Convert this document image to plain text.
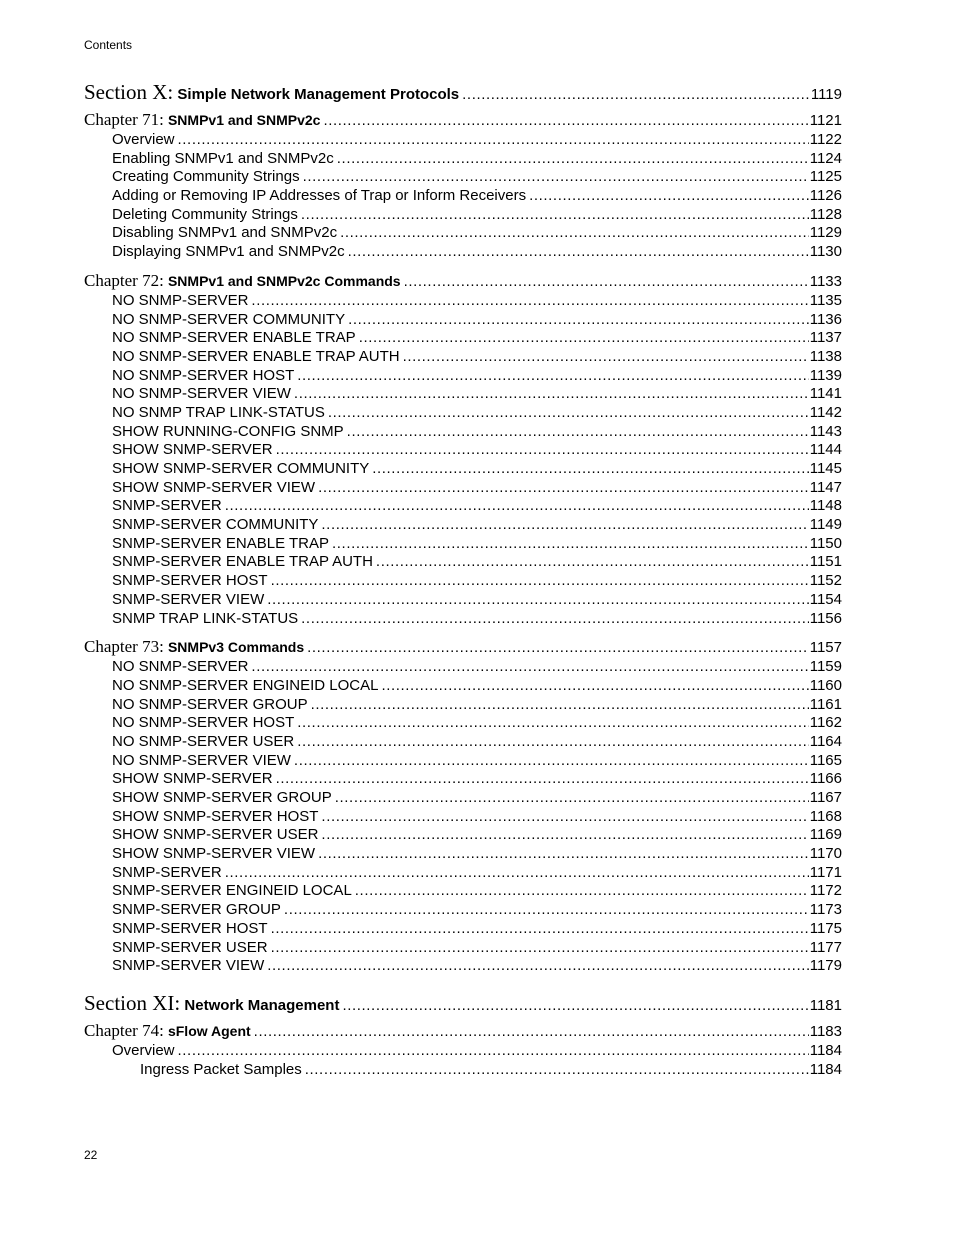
Contents
Section X: Simple Network Management Protocols .....	1119
Chapter 71: SNMPv1 and SNMPv2c .....	1121
Overview .....	1122
Enabling SNMPv1 and SNMPv2c .....	1124
Creating Community Strings .....	1125
Adding or Removing IP Addresses of Trap or Inform Receivers .....	1126
Deleting Community Strings .....	1128
Disabling SNMPv1 and SNMPv2c .....	1129
Displaying SNMPv1 and SNMPv2c .....	1130
Chapter 72: SNMPv1 and SNMPv2c Commands .....	1133
NO SNMP-SERVER .....	1135
NO SNMP-SERVER COMMUNITY .....	1136
NO SNMP-SERVER ENABLE TRAP .....	1137
NO SNMP-SERVER ENABLE TRAP AUTH .....	1138
NO SNMP-SERVER HOST .....	1139
NO SNMP-SERVER VIEW .....	1141
NO SNMP TRAP LINK-STATUS .....	1142
SHOW RUNNING-CONFIG SNMP .....	1143
SHOW SNMP-SERVER .....	1144
SHOW SNMP-SERVER COMMUNITY .....	1145
SHOW SNMP-SERVER VIEW .....	1147
SNMP-SERVER .....	1148
SNMP-SERVER COMMUNITY .....	1149
SNMP-SERVER ENABLE TRAP .....	1150
SNMP-SERVER ENABLE TRAP AUTH .....	1151
SNMP-SERVER HOST .....	1152
SNMP-SERVER VIEW .....	1154
SNMP TRAP LINK-STATUS .....	1156
Chapter 73: SNMPv3 Commands .....	1157
NO SNMP-SERVER .....	1159
NO SNMP-SERVER ENGINEID LOCAL .....	1160
NO SNMP-SERVER GROUP .....	1161
NO SNMP-SERVER HOST .....	1162
NO SNMP-SERVER USER .....	1164
NO SNMP-SERVER VIEW .....	1165
SHOW SNMP-SERVER .....	1166
SHOW SNMP-SERVER GROUP .....	1167
SHOW SNMP-SERVER HOST .....	1168
SHOW SNMP-SERVER USER .....	1169
SHOW SNMP-SERVER VIEW .....	1170
SNMP-SERVER .....	1171
SNMP-SERVER ENGINEID LOCAL .....	1172
SNMP-SERVER GROUP .....	1173
SNMP-SERVER HOST .....	1175
SNMP-SERVER USER .....	1177
SNMP-SERVER VIEW .....	1179
Section XI: Network Management .....	1181
Chapter 74: sFlow Agent .....	1183
Overview .....	1184
Ingress Packet Samples .....	1184
22
